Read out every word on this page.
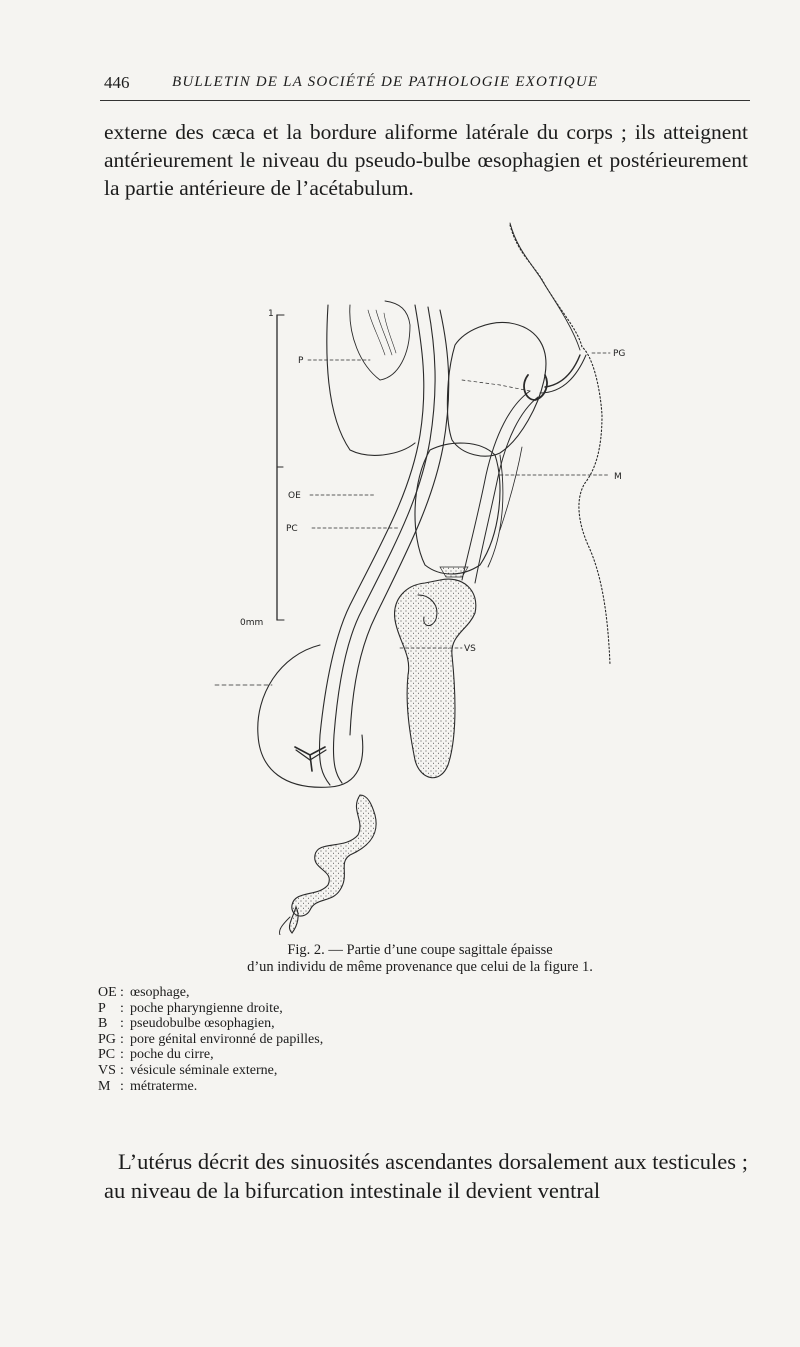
446	BULLETIN DE LA SOCIÉTÉ DE PATHOLOGIE EXOTIQUE
externe des cæca et la bordure aliforme latérale du corps ; ils atteignent antérieurement le niveau du pseudo-bulbe œsophagien et postérieurement la partie antérieure de l’acétabulum.
1
0mm
P
PG
M
OE
PC
VS
Fig. 2. — Partie d’une coupe sagittale épaisse
d’un individu de même provenance que celui de la figure 1.
OE : œsophage,
P : poche pharyngienne droite,
B : pseudobulbe œsophagien,
PG : pore génital environné de papilles,
PC : poche du cirre,
VS : vésicule séminale externe,
M : métraterme.
L’utérus décrit des sinuosités ascendantes dorsalement aux testicules ; au niveau de la bifurcation intestinale il devient ventral
